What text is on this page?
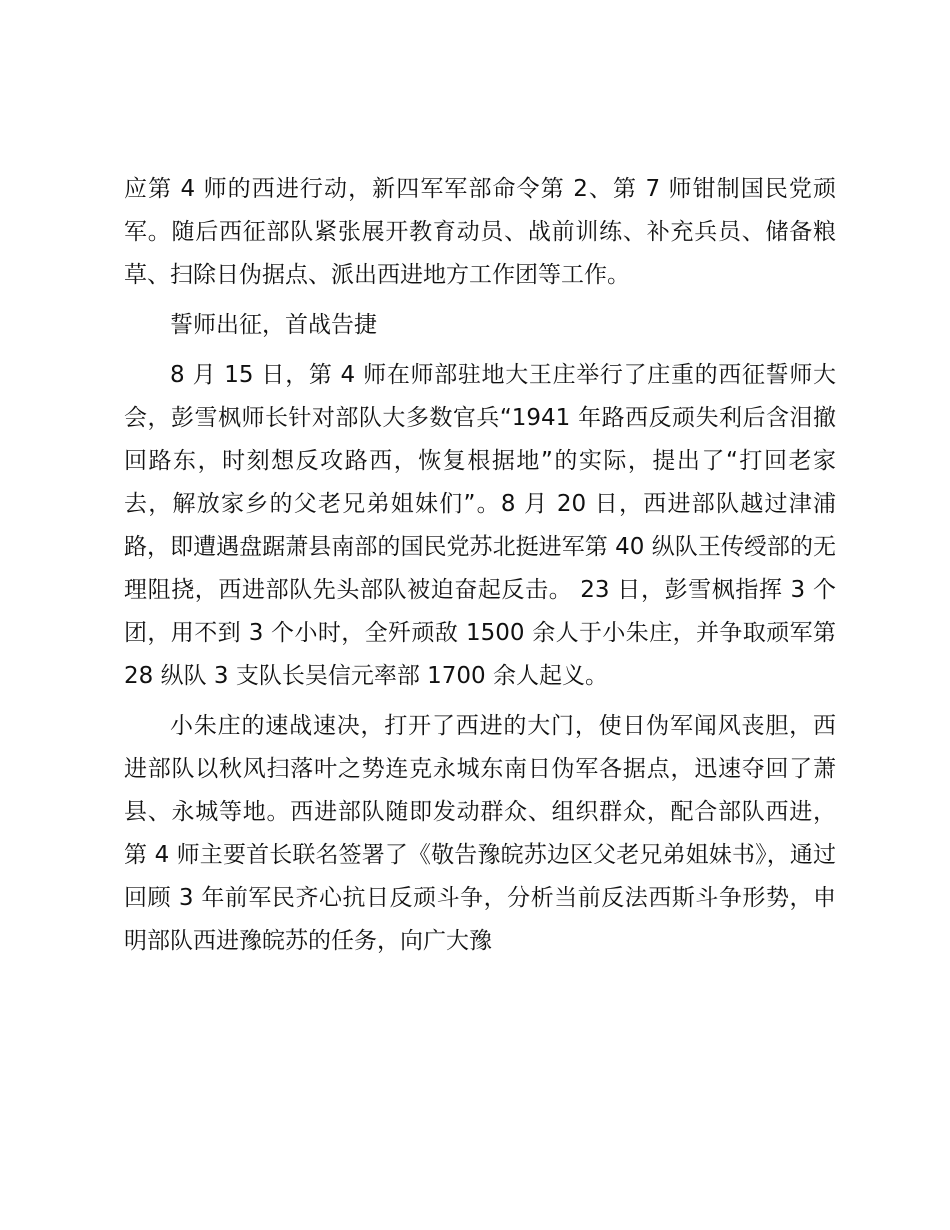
应第 4 师的西进行动，新四军军部命令第 2、第 7 师钳制国民党顽军。随后西征部队紧张展开教育动员、战前训练、补充兵员、储备粮草、扫除日伪据点、派出西进地方工作团等工作。

誓师出征，首战告捷

8 月 15 日，第 4 师在师部驻地大王庄举行了庄重的西征誓师大会，彭雪枫师长针对部队大多数官兵“1941 年路西反顽失利后含泪撤回路东，时刻想反攻路西，恢复根据地”的实际，提出了“打回老家去，解放家乡的父老兄弟姐妹们”。8 月 20 日，西进部队越过津浦路，即遭遇盘踞萧县南部的国民党苏北挺进军第 40 纵队王传绶部的无理阻挠，西进部队先头部队被迫奋起反击。 23 日，彭雪枫指挥 3 个团，用不到 3 个小时，全歼顽敌 1500 余人于小朱庄，并争取顽军第 28 纵队 3 支队长吴信元率部 1700 余人起义。

小朱庄的速战速决，打开了西进的大门，使日伪军闻风丧胆，西进部队以秋风扫落叶之势连克永城东南日伪军各据点，迅速夺回了萧县、永城等地。西进部队随即发动群众、组织群众，配合部队西进，第 4 师主要首长联名签署了《敬告豫皖苏边区父老兄弟姐妹书》，通过回顾 3 年前军民齐心抗日反顽斗争，分析当前反法西斯斗争形势，申明部队西进豫皖苏的任务，向广大豫
